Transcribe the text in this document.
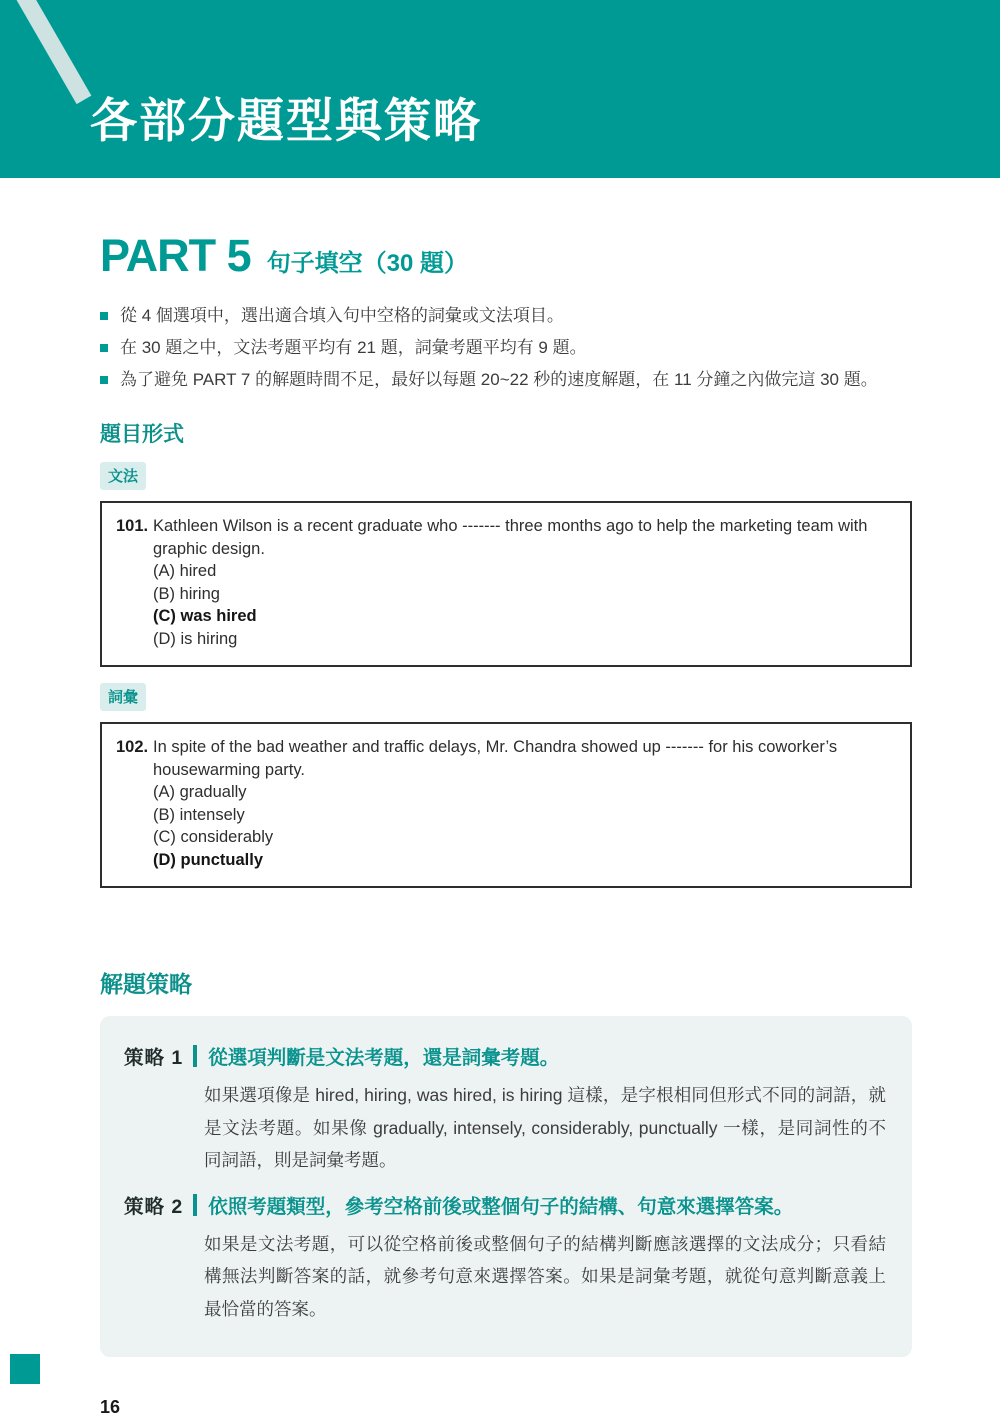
各部分題型與策略
PART 5 句子填空（30 題）
從 4 個選項中，選出適合填入句中空格的詞彙或文法項目。
在 30 題之中，文法考題平均有 21 題，詞彙考題平均有 9 題。
為了避免 PART 7 的解題時間不足，最好以每題 20~22 秒的速度解題，在 11 分鐘之內做完這 30 題。
題目形式
文法
101. Kathleen Wilson is a recent graduate who ------- three months ago to help the marketing team with graphic design.
(A) hired
(B) hiring
(C) was hired
(D) is hiring
詞彙
102. In spite of the bad weather and traffic delays, Mr. Chandra showed up ------- for his coworker’s housewarming party.
(A) gradually
(B) intensely
(C) considerably
(D) punctually
解題策略
策略 1 從選項判斷是文法考題，還是詞彙考題。
如果選項像是 hired, hiring, was hired, is hiring 這樣，是字根相同但形式不同的詞語，就是文法考題。如果像 gradually, intensely, considerably, punctually 一樣，是同詞性的不同詞語，則是詞彙考題。
策略 2 依照考題類型，參考空格前後或整個句子的結構、句意來選擇答案。
如果是文法考題，可以從空格前後或整個句子的結構判斷應該選擇的文法成分；只看結構無法判斷答案的話，就參考句意來選擇答案。如果是詞彙考題，就從句意判斷意義上最恰當的答案。
16
